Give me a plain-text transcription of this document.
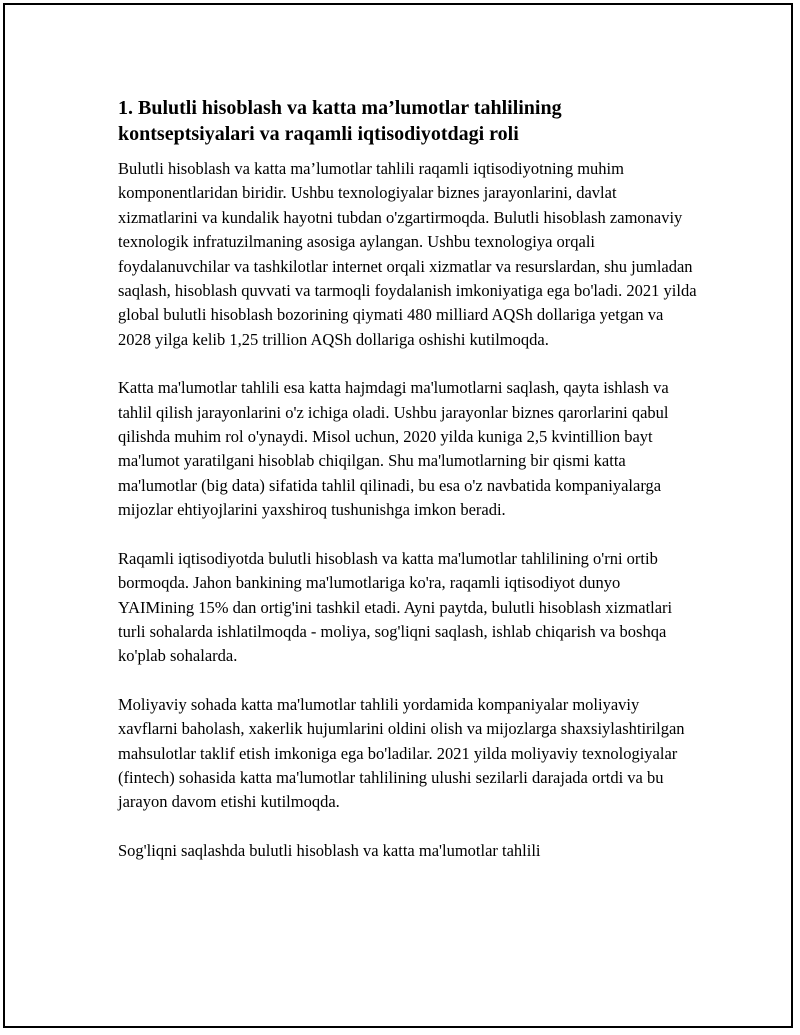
1. Bulutli hisoblash va katta ma’lumotlar tahlilining kontseptsiyalari va raqamli iqtisodiyotdagi roli

Bulutli hisoblash va katta ma’lumotlar tahlili raqamli iqtisodiyotning muhim komponentlaridan biridir. Ushbu texnologiyalar biznes jarayonlarini, davlat xizmatlarini va kundalik hayotni tubdan o'zgartirmoqda. Bulutli hisoblash zamonaviy texnologik infratuzilmaning asosiga aylangan. Ushbu texnologiya orqali foydalanuvchilar va tashkilotlar internet orqali xizmatlar va resurslardan, shu jumladan saqlash, hisoblash quvvati va tarmoqli foydalanish imkoniyatiga ega bo'ladi. 2021 yilda global bulutli hisoblash bozorining qiymati 480 milliard AQSh dollariga yetgan va 2028 yilga kelib 1,25 trillion AQSh dollariga oshishi kutilmoqda.

Katta ma'lumotlar tahlili esa katta hajmdagi ma'lumotlarni saqlash, qayta ishlash va tahlil qilish jarayonlarini o'z ichiga oladi. Ushbu jarayonlar biznes qarorlarini qabul qilishda muhim rol o'ynaydi. Misol uchun, 2020 yilda kuniga 2,5 kvintillion bayt ma'lumot yaratilgani hisoblab chiqilgan. Shu ma'lumotlarning bir qismi katta ma'lumotlar (big data) sifatida tahlil qilinadi, bu esa o'z navbatida kompaniyalarga mijozlar ehtiyojlarini yaxshiroq tushunishga imkon beradi.

Raqamli iqtisodiyotda bulutli hisoblash va katta ma'lumotlar tahlilining o'rni ortib bormoqda. Jahon bankining ma'lumotlariga ko'ra, raqamli iqtisodiyot dunyo YAIMining 15% dan ortig'ini tashkil etadi. Ayni paytda, bulutli hisoblash xizmatlari turli sohalarda ishlatilmoqda - moliya, sog'liqni saqlash, ishlab chiqarish va boshqa ko'plab sohalarda.

Moliyaviy sohada katta ma'lumotlar tahlili yordamida kompaniyalar moliyaviy xavflarni baholash, xakerlik hujumlarini oldini olish va mijozlarga shaxsiylashtirilgan mahsulotlar taklif etish imkoniga ega bo'ladilar. 2021 yilda moliyaviy texnologiyalar (fintech) sohasida katta ma'lumotlar tahlilining ulushi sezilarli darajada ortdi va bu jarayon davom etishi kutilmoqda.

Sog'liqni saqlashda bulutli hisoblash va katta ma'lumotlar tahlili
